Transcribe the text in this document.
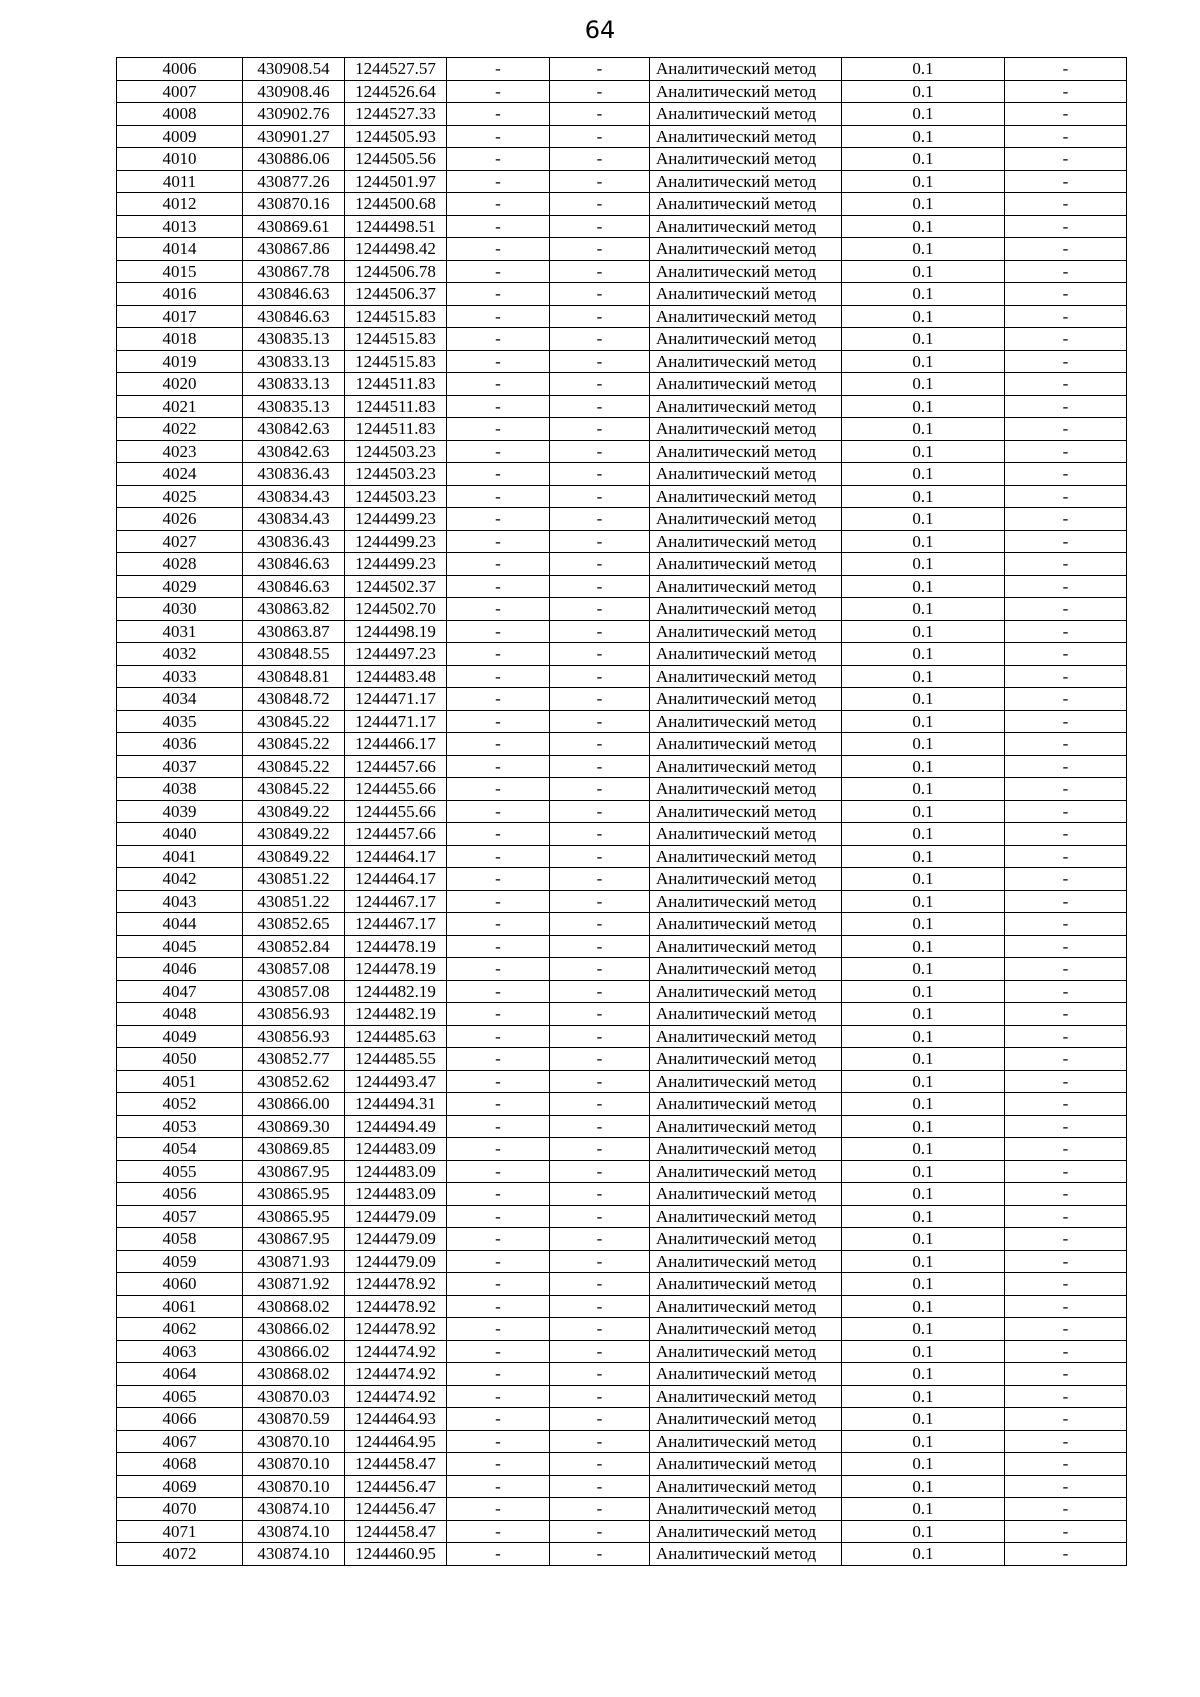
64
4006	430908.54	1244527.57	-	-	Аналитический метод	0.1	-
4007	430908.46	1244526.64	-	-	Аналитический метод	0.1	-
4008	430902.76	1244527.33	-	-	Аналитический метод	0.1	-
4009	430901.27	1244505.93	-	-	Аналитический метод	0.1	-
4010	430886.06	1244505.56	-	-	Аналитический метод	0.1	-
4011	430877.26	1244501.97	-	-	Аналитический метод	0.1	-
4012	430870.16	1244500.68	-	-	Аналитический метод	0.1	-
4013	430869.61	1244498.51	-	-	Аналитический метод	0.1	-
4014	430867.86	1244498.42	-	-	Аналитический метод	0.1	-
4015	430867.78	1244506.78	-	-	Аналитический метод	0.1	-
4016	430846.63	1244506.37	-	-	Аналитический метод	0.1	-
4017	430846.63	1244515.83	-	-	Аналитический метод	0.1	-
4018	430835.13	1244515.83	-	-	Аналитический метод	0.1	-
4019	430833.13	1244515.83	-	-	Аналитический метод	0.1	-
4020	430833.13	1244511.83	-	-	Аналитический метод	0.1	-
4021	430835.13	1244511.83	-	-	Аналитический метод	0.1	-
4022	430842.63	1244511.83	-	-	Аналитический метод	0.1	-
4023	430842.63	1244503.23	-	-	Аналитический метод	0.1	-
4024	430836.43	1244503.23	-	-	Аналитический метод	0.1	-
4025	430834.43	1244503.23	-	-	Аналитический метод	0.1	-
4026	430834.43	1244499.23	-	-	Аналитический метод	0.1	-
4027	430836.43	1244499.23	-	-	Аналитический метод	0.1	-
4028	430846.63	1244499.23	-	-	Аналитический метод	0.1	-
4029	430846.63	1244502.37	-	-	Аналитический метод	0.1	-
4030	430863.82	1244502.70	-	-	Аналитический метод	0.1	-
4031	430863.87	1244498.19	-	-	Аналитический метод	0.1	-
4032	430848.55	1244497.23	-	-	Аналитический метод	0.1	-
4033	430848.81	1244483.48	-	-	Аналитический метод	0.1	-
4034	430848.72	1244471.17	-	-	Аналитический метод	0.1	-
4035	430845.22	1244471.17	-	-	Аналитический метод	0.1	-
4036	430845.22	1244466.17	-	-	Аналитический метод	0.1	-
4037	430845.22	1244457.66	-	-	Аналитический метод	0.1	-
4038	430845.22	1244455.66	-	-	Аналитический метод	0.1	-
4039	430849.22	1244455.66	-	-	Аналитический метод	0.1	-
4040	430849.22	1244457.66	-	-	Аналитический метод	0.1	-
4041	430849.22	1244464.17	-	-	Аналитический метод	0.1	-
4042	430851.22	1244464.17	-	-	Аналитический метод	0.1	-
4043	430851.22	1244467.17	-	-	Аналитический метод	0.1	-
4044	430852.65	1244467.17	-	-	Аналитический метод	0.1	-
4045	430852.84	1244478.19	-	-	Аналитический метод	0.1	-
4046	430857.08	1244478.19	-	-	Аналитический метод	0.1	-
4047	430857.08	1244482.19	-	-	Аналитический метод	0.1	-
4048	430856.93	1244482.19	-	-	Аналитический метод	0.1	-
4049	430856.93	1244485.63	-	-	Аналитический метод	0.1	-
4050	430852.77	1244485.55	-	-	Аналитический метод	0.1	-
4051	430852.62	1244493.47	-	-	Аналитический метод	0.1	-
4052	430866.00	1244494.31	-	-	Аналитический метод	0.1	-
4053	430869.30	1244494.49	-	-	Аналитический метод	0.1	-
4054	430869.85	1244483.09	-	-	Аналитический метод	0.1	-
4055	430867.95	1244483.09	-	-	Аналитический метод	0.1	-
4056	430865.95	1244483.09	-	-	Аналитический метод	0.1	-
4057	430865.95	1244479.09	-	-	Аналитический метод	0.1	-
4058	430867.95	1244479.09	-	-	Аналитический метод	0.1	-
4059	430871.93	1244479.09	-	-	Аналитический метод	0.1	-
4060	430871.92	1244478.92	-	-	Аналитический метод	0.1	-
4061	430868.02	1244478.92	-	-	Аналитический метод	0.1	-
4062	430866.02	1244478.92	-	-	Аналитический метод	0.1	-
4063	430866.02	1244474.92	-	-	Аналитический метод	0.1	-
4064	430868.02	1244474.92	-	-	Аналитический метод	0.1	-
4065	430870.03	1244474.92	-	-	Аналитический метод	0.1	-
4066	430870.59	1244464.93	-	-	Аналитический метод	0.1	-
4067	430870.10	1244464.95	-	-	Аналитический метод	0.1	-
4068	430870.10	1244458.47	-	-	Аналитический метод	0.1	-
4069	430870.10	1244456.47	-	-	Аналитический метод	0.1	-
4070	430874.10	1244456.47	-	-	Аналитический метод	0.1	-
4071	430874.10	1244458.47	-	-	Аналитический метод	0.1	-
4072	430874.10	1244460.95	-	-	Аналитический метод	0.1	-
